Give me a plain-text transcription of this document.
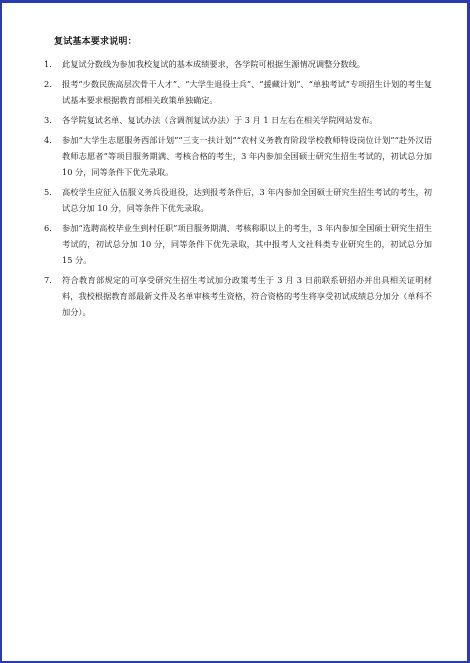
复试基本要求说明：
1.	此复试分数线为参加我校复试的基本成绩要求，各学院可根据生源情况调整分数线。
2.	报考“少数民族高层次骨干人才”、“大学生退役士兵”、“援藏计划”、“单独考试”专项招生计划的考生复试基本要求根据教育部相关政策单独确定。
3.	各学院复试名单、复试办法（含调剂复试办法）于 3 月 1 日左右在相关学院网站发布。
4.	参加“大学生志愿服务西部计划”“三支一扶计划”“农村义务教育阶段学校教师特设岗位计划”“赴外汉语教师志愿者”等项目服务期满、考核合格的考生，3 年内参加全国硕士研究生招生考试的，初试总分加 10 分，同等条件下优先录取。
5.	高校学生应征入伍服义务兵役退役，达到报考条件后，3 年内参加全国硕士研究生招生考试的考生，初试总分加 10 分，同等条件下优先录取。
6.	参加“选聘高校毕业生到村任职”项目服务期满、考核称职以上的考生，3 年内参加全国硕士研究生招生考试的，初试总分加 10 分，同等条件下优先录取，其中报考人文社科类专业研究生的，初试总分加 15 分。
7.	符合教育部规定的可享受研究生招生考试加分政策考生于 3 月 3 日前联系研招办并出具相关证明材料，我校根据教育部最新文件及名单审核考生资格，符合资格的考生将享受初试成绩总分加分（单科不加分）。
